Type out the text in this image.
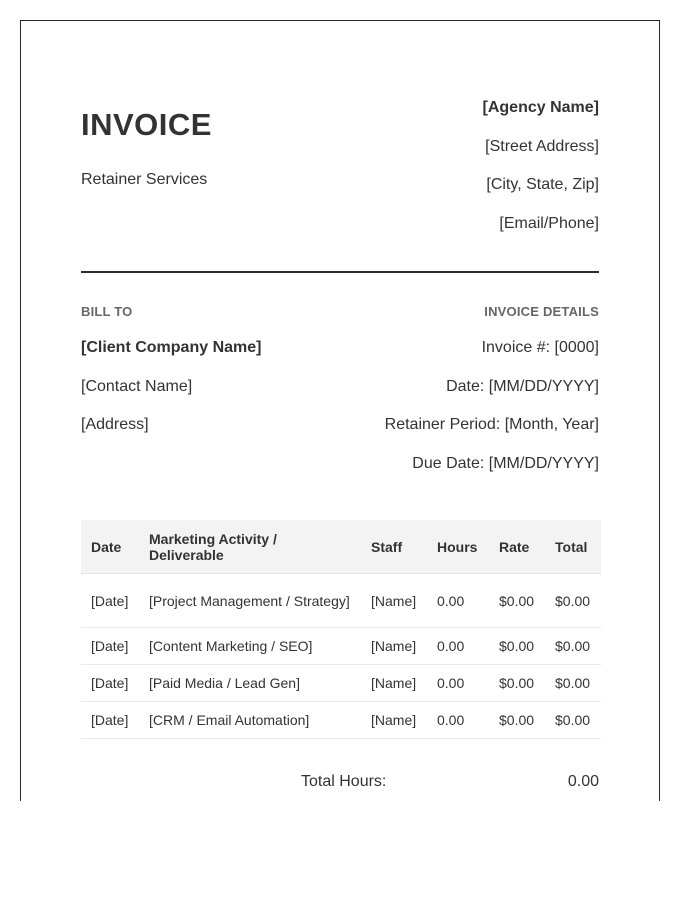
INVOICE
Retainer Services
[Agency Name]
[Street Address]
[City, State, Zip]
[Email/Phone]
BILL TO	INVOICE DETAILS
[Client Company Name]
[Contact Name]
[Address]
Invoice #: [0000]
Date: [MM/DD/YYYY]
Retainer Period: [Month, Year]
Due Date: [MM/DD/YYYY]
Date	Marketing Activity / Deliverable	Staff	Hours	Rate	Total
[Date]	[Project Management / Strategy]	[Name]	0.00	$0.00	$0.00
[Date]	[Content Marketing / SEO]	[Name]	0.00	$0.00	$0.00
[Date]	[Paid Media / Lead Gen]	[Name]	0.00	$0.00	$0.00
[Date]	[CRM / Email Automation]	[Name]	0.00	$0.00	$0.00
Total Hours:	0.00
